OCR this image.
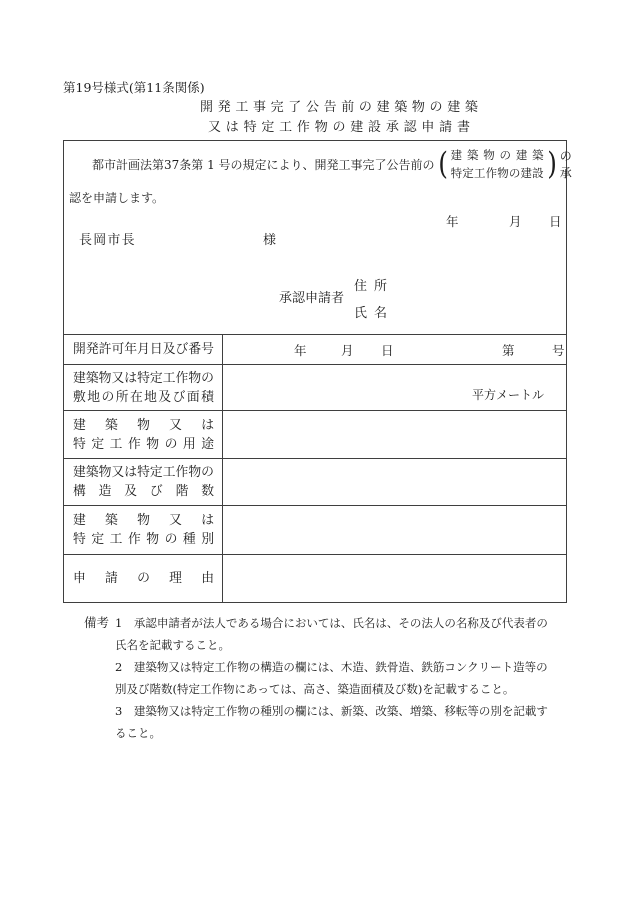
第19号様式(第11条関係)
開 発 工 事 完 了 公 告 前 の 建 築 物 の 建 築
又 は 特 定 工 作 物 の 建 設 承 認 申 請 書
　都市計画法第37条第 1 号の規定により、開発工事完了公告前の ( 建 築 物 の 建 築
特 定 工 作 物 の 建 設 ) の承
認を申請します。
年	月 日
長岡市長	様
承認申請者
住 所
氏 名
開 発 許 可 年 月 日 及 び 番 号	年	月 日	第	号
建 築 物 又 は 特 定 工 作 物 の
敷 地 の 所 在 地 及 び 面 積	平方メートル
建 築 物 又 は
特 定 工 作 物 の 用 途
建 築 物 又 は 特 定 工 作 物 の
構 造 及 び 階 数
建 築 物 又 は
特 定 工 作 物 の 種 別
申 請 の 理 由
備考 1　承認申請者が法人である場合においては、氏名は、その法人の名称及び代表者の
氏名を記載すること。
2　建築物又は特定工作物の構造の欄には、木造、鉄骨造、鉄筋コンクリート造等の
別及び階数(特定工作物にあっては、高さ、築造面積及び数)を記載すること。
3　建築物又は特定工作物の種別の欄には、新築、改築、増築、移転等の別を記載す
ること。
